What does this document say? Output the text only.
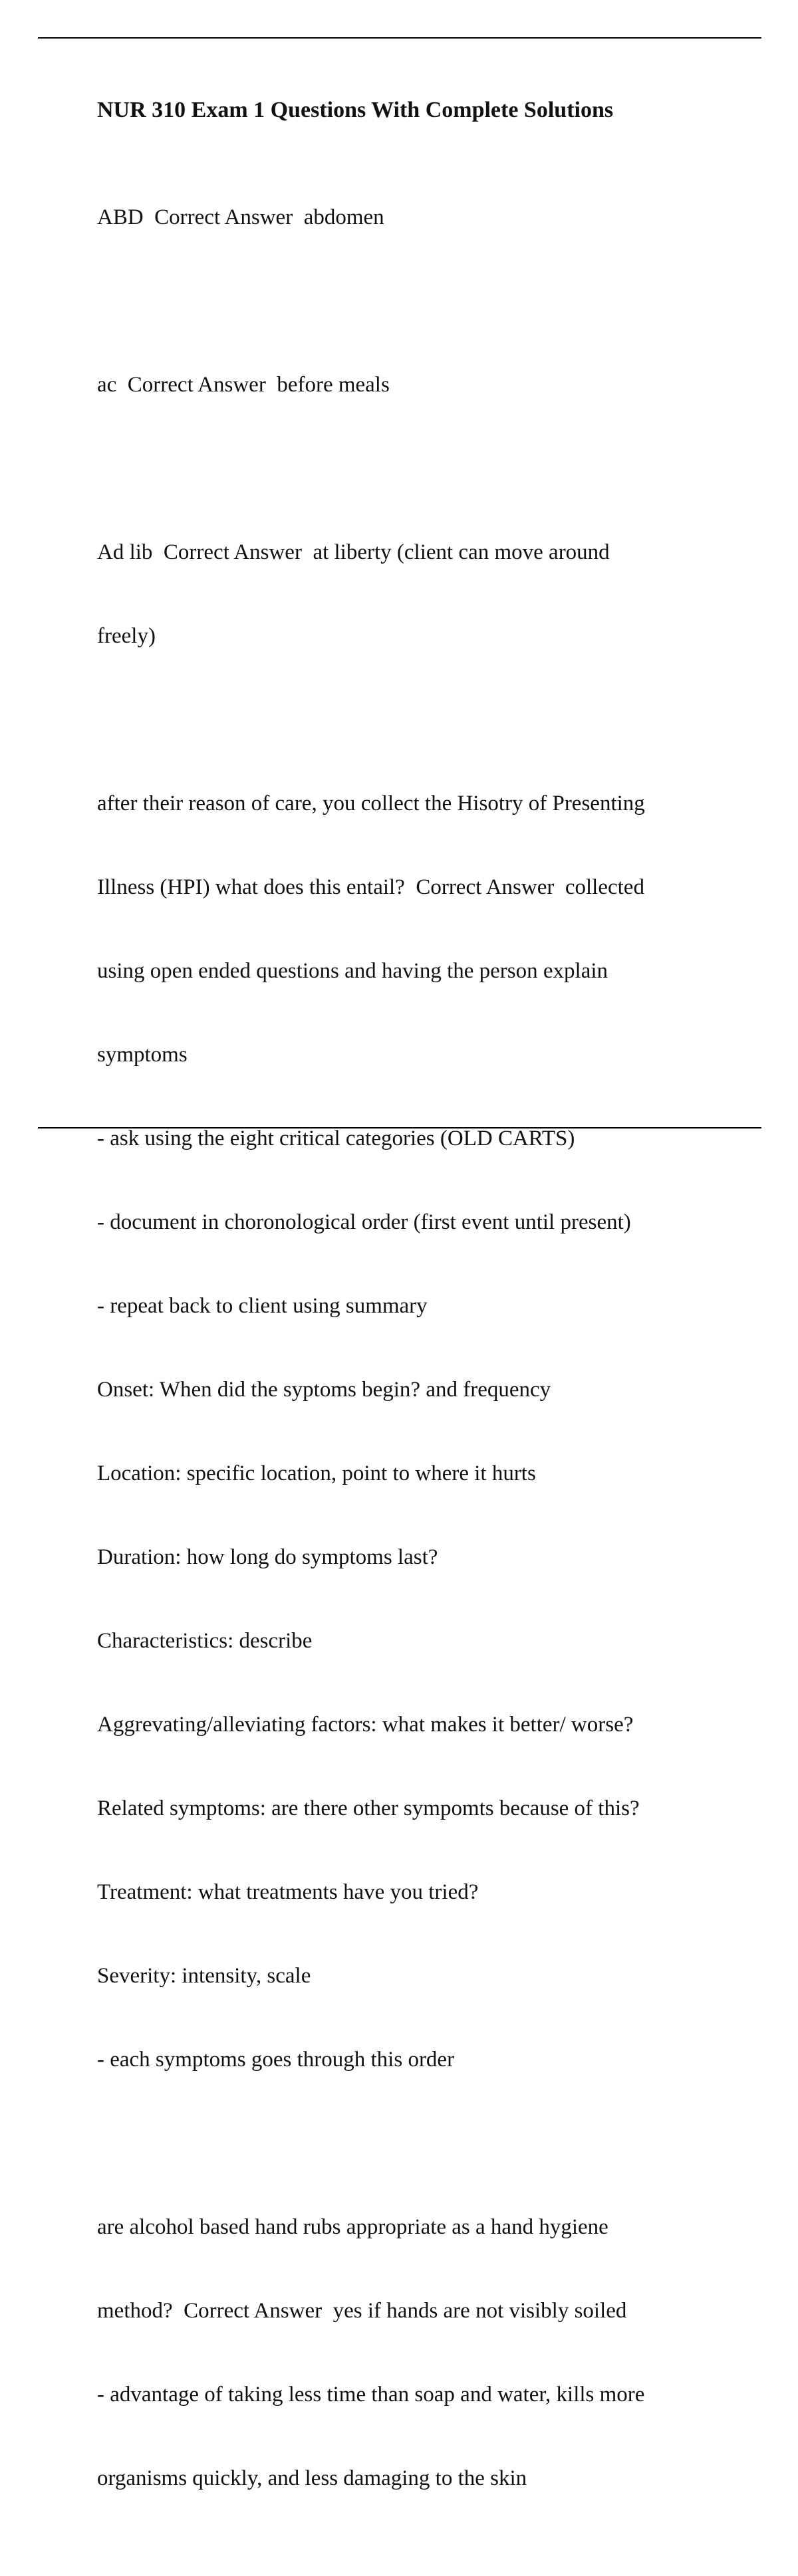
NUR 310 Exam 1 Questions With Complete Solutions

ABD  Correct Answer  abdomen

ac  Correct Answer  before meals

Ad lib  Correct Answer  at liberty (client can move around

freely)

after their reason of care, you collect the Hisotry of Presenting

Illness (HPI) what does this entail?  Correct Answer  collected

using open ended questions and having the person explain

symptoms

- ask using the eight critical categories (OLD CARTS)

- document in choronological order (first event until present)

- repeat back to client using summary

Onset: When did the syptoms begin? and frequency

Location: specific location, point to where it hurts

Duration: how long do symptoms last?

Characteristics: describe

Aggrevating/alleviating factors: what makes it better/ worse?

Related symptoms: are there other sympomts because of this?

Treatment: what treatments have you tried?

Severity: intensity, scale

- each symptoms goes through this order

are alcohol based hand rubs appropriate as a hand hygiene

method?  Correct Answer  yes if hands are not visibly soiled

- advantage of taking less time than soap and water, kills more

organisms quickly, and less damaging to the skin
